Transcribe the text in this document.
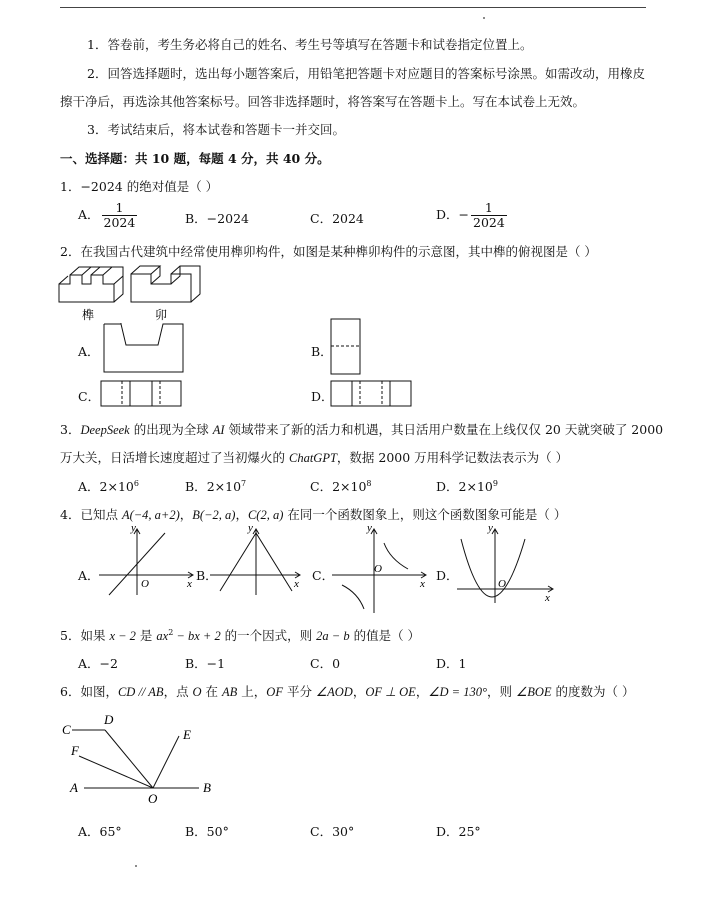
1．答卷前，考生务必将自己的姓名、考生号等填写在答题卡和试卷指定位置上。
2．回答选择题时，选出每小题答案后，用铅笔把答题卡对应题目的答案标号涂黑。如需改动，用橡皮
擦干净后，再选涂其他答案标号。回答非选择题时，将答案写在答题卡上。写在本试卷上无效。
3．考试结束后，将本试卷和答题卡一并交回。
一、选择题：共 10 题，每题 4 分，共 40 分。
1．−2024 的绝对值是（ ）
A． $\frac{1}{2024}$	B．−2024	C．2024	D．− $\frac{1}{2024}$
2．在我国古代建筑中经常使用榫卯构件，如图是某种榫卯构件的示意图，其中榫的俯视图是（ ）
榫	卯
A．	B．
C．	D．
3．DeepSeek 的出现为全球 AI 领域带来了新的活力和机遇，其日活用户数量在上线仅仅 20 天就突破了 2000
万大关，日活增长速度超过了当初爆火的 ChatGPT，数据 2000 万用科学记数法表示为（ ）
A．$2\times 10^6$	B．$2\times 10^7$	C．$2\times 10^8$	D．$2\times 10^9$
4．已知点 A(−4, a+2)，B(−2, a)，C(2, a) 在同一个函数图象上，则这个函数图象可能是（ ）
A．
y
x
O
B．
y
x
C．
y
x
O	D．
y
x
O
5．如果 x − 2 是 $ax^2$ − bx + 2 的一个因式，则 2a − b 的值是（ ）
A．−2	B．−1	C．0	D．1
6．如图，CD // AB，点 O 在 AB 上，OF 平分 ∠AOD，OF ⊥ OE，∠D = 130°，则 ∠BOE 的度数为（ ）
C
D
E
F
A
O
B
A．65°	B．50°	C．30°	D．25°
